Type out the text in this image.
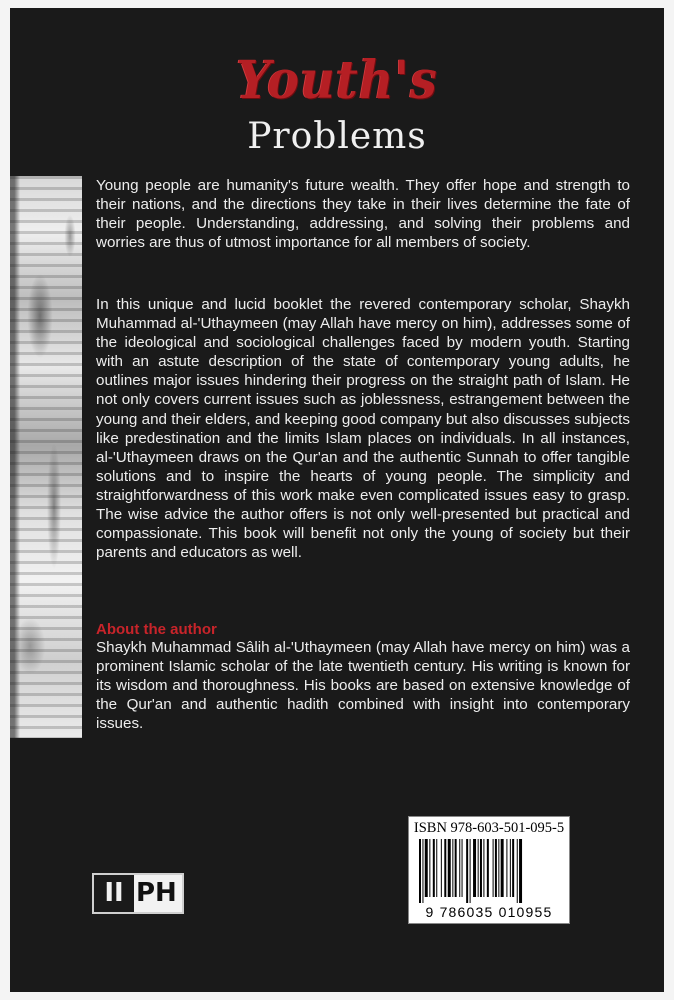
Youth's
Problems
Young people are humanity's future wealth. They offer hope and strength to their nations, and the directions they take in their lives determine the fate of their people. Understanding, addressing, and solving their problems and worries are thus of utmost importance for all members of society.
In this unique and lucid booklet the revered contemporary scholar, Shaykh Muhammad al-'Uthaymeen (may Allah have mercy on him), addresses some of the ideological and sociological challenges faced by modern youth. Starting with an astute description of the state of contemporary young adults, he outlines major issues hindering their progress on the straight path of Islam. He not only covers current issues such as joblessness, estrangement between the young and their elders, and keeping good company but also discusses subjects like predestination and the limits Islam places on individuals. In all instances, al-'Uthaymeen draws on the Qur'an and the authentic Sunnah to offer tangible solutions and to inspire the hearts of young people. The simplicity and straightforwardness of this work make even complicated issues easy to grasp. The wise advice the author offers is not only well-presented but practical and compassionate. This book will benefit not only the young of society but their parents and educators as well.
About the author
Shaykh Muhammad Sâlih al-'Uthaymeen (may Allah have mercy on him) was a prominent Islamic scholar of the late twentieth century. His writing is known for its wisdom and thoroughness. His books are based on extensive knowledge of the Qur'an and authentic hadith combined with insight into contemporary issues.
II PH
ISBN 978-603-501-095-5
9 786035 010955
